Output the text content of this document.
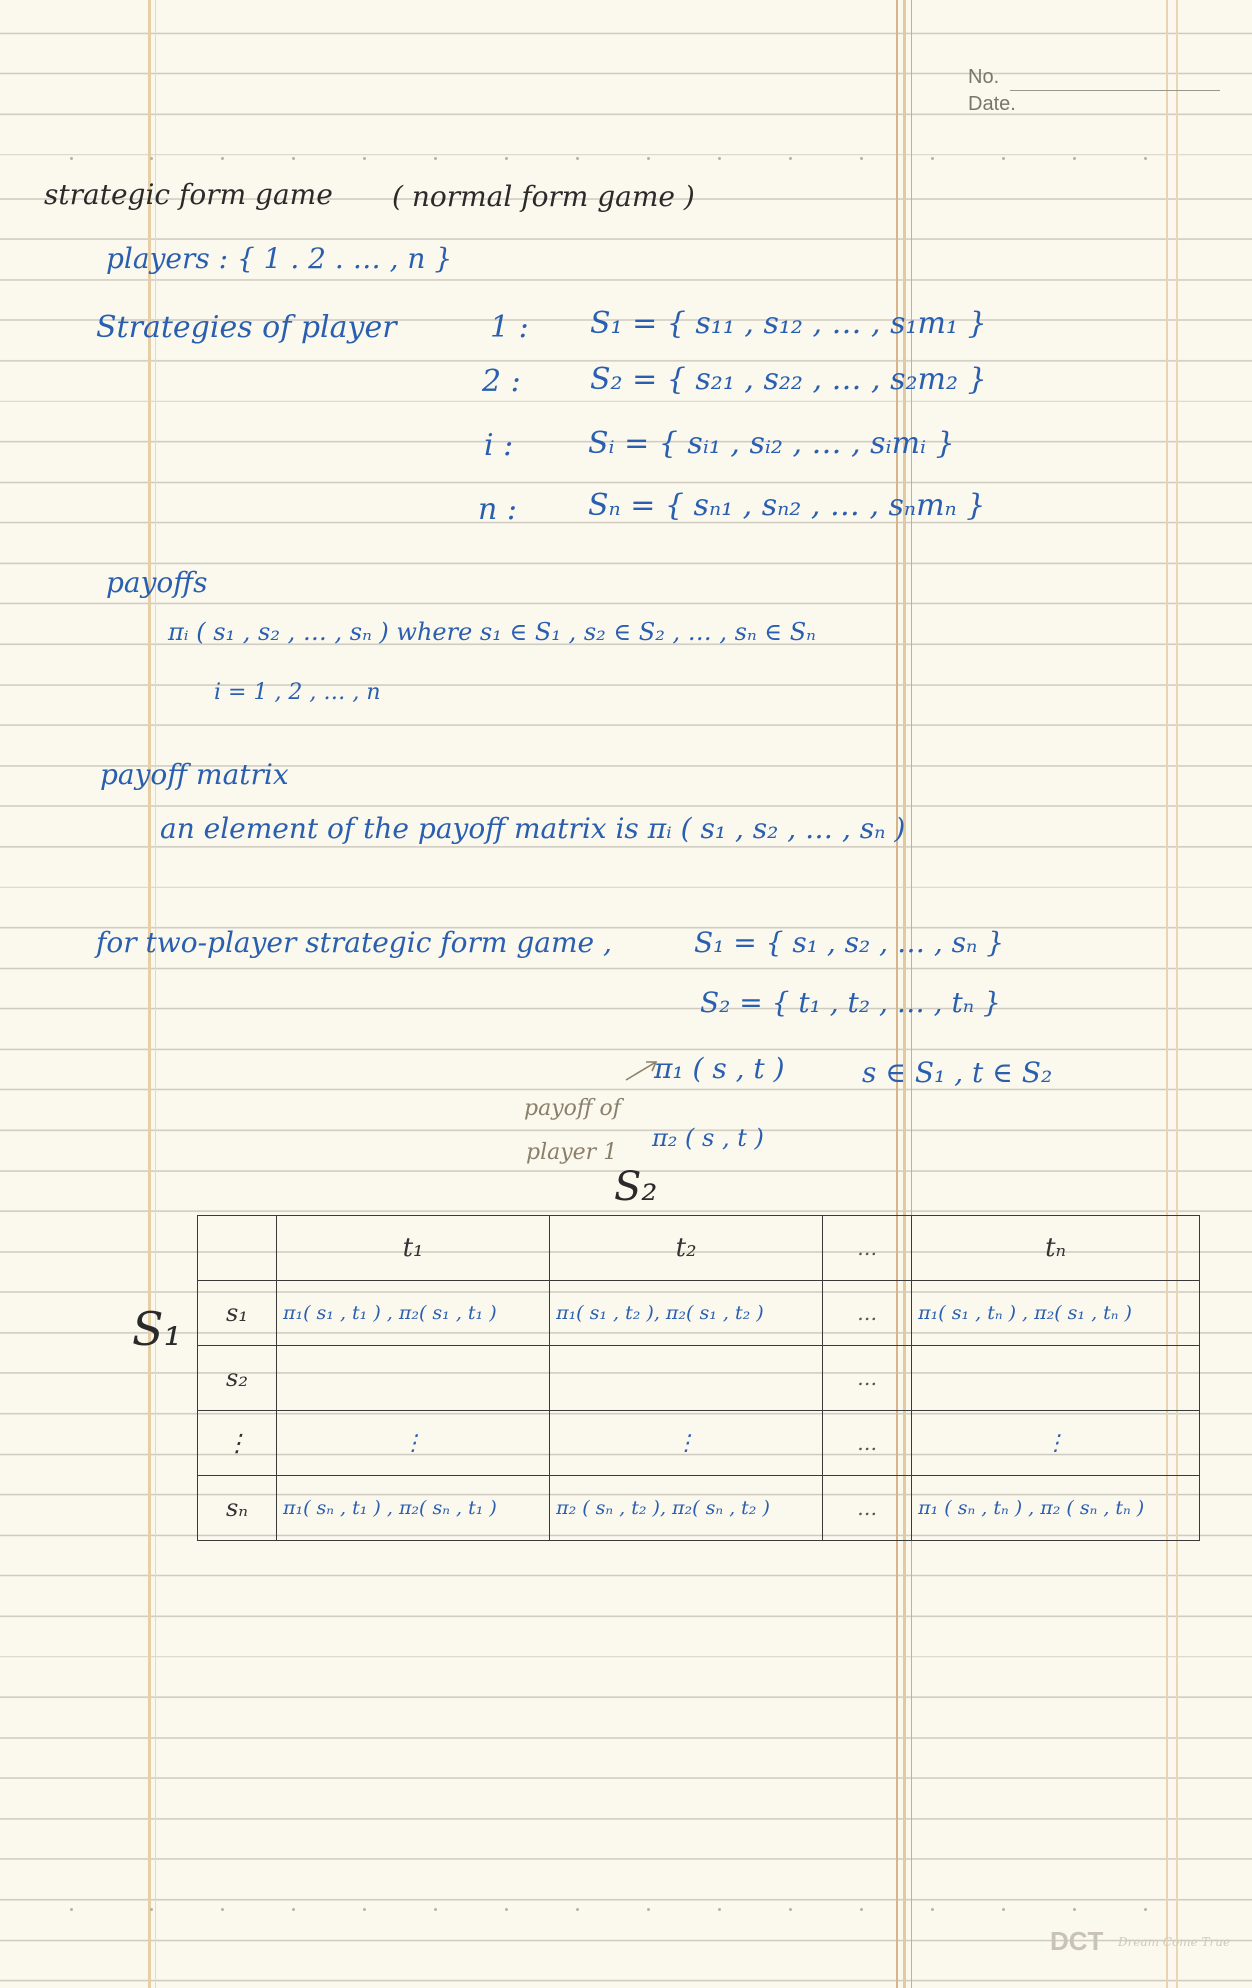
No.
Date.
strategic form game ( normal form game )
players : { 1 . 2 . … , n }
Strategies of player	1 : S₁ = { s₁₁ , s₁₂ , … , s₁m₁ }
2 : S₂ = { s₂₁ , s₂₂ , … , s₂m₂ }
i : Sᵢ = { sᵢ₁ , sᵢ₂ , … , sᵢmᵢ }
n : Sₙ = { sₙ₁ , sₙ₂ , … , sₙmₙ }
payoffs
πᵢ ( s₁ , s₂ , … , sₙ ) where s₁ ∈ S₁ , s₂ ∈ S₂ , … , sₙ ∈ Sₙ
i = 1 , 2 , … , n
payoff matrix
an element of the payoff matrix is πᵢ ( s₁ , s₂ , … , sₙ )
for two-player strategic form game ,	S₁ = { s₁ , s₂ , … , sₙ }
S₂ = { t₁ , t₂ , … , tₙ }
π₁ ( s , t )	s ∈ S₁ , t ∈ S₂
payoff of
player 1
π₂ ( s , t )
S₂
S₁
	t₁	t₂	…	tₙ
s₁	π₁( s₁ , t₁ ) , π₂( s₁ , t₁ )	π₁( s₁ , t₂ ), π₂( s₁ , t₂ )	…	π₁( s₁ , tₙ ) , π₂( s₁ , tₙ )
s₂			…	
⋮	⋮	⋮	…	⋮
sₙ	π₁( sₙ , t₁ ) , π₂( sₙ , t₁ )	π₂ ( sₙ , t₂ ), π₂( sₙ , t₂ )	…	π₁ ( sₙ , tₙ ) , π₂ ( sₙ , tₙ )
DCT Dream Come True
